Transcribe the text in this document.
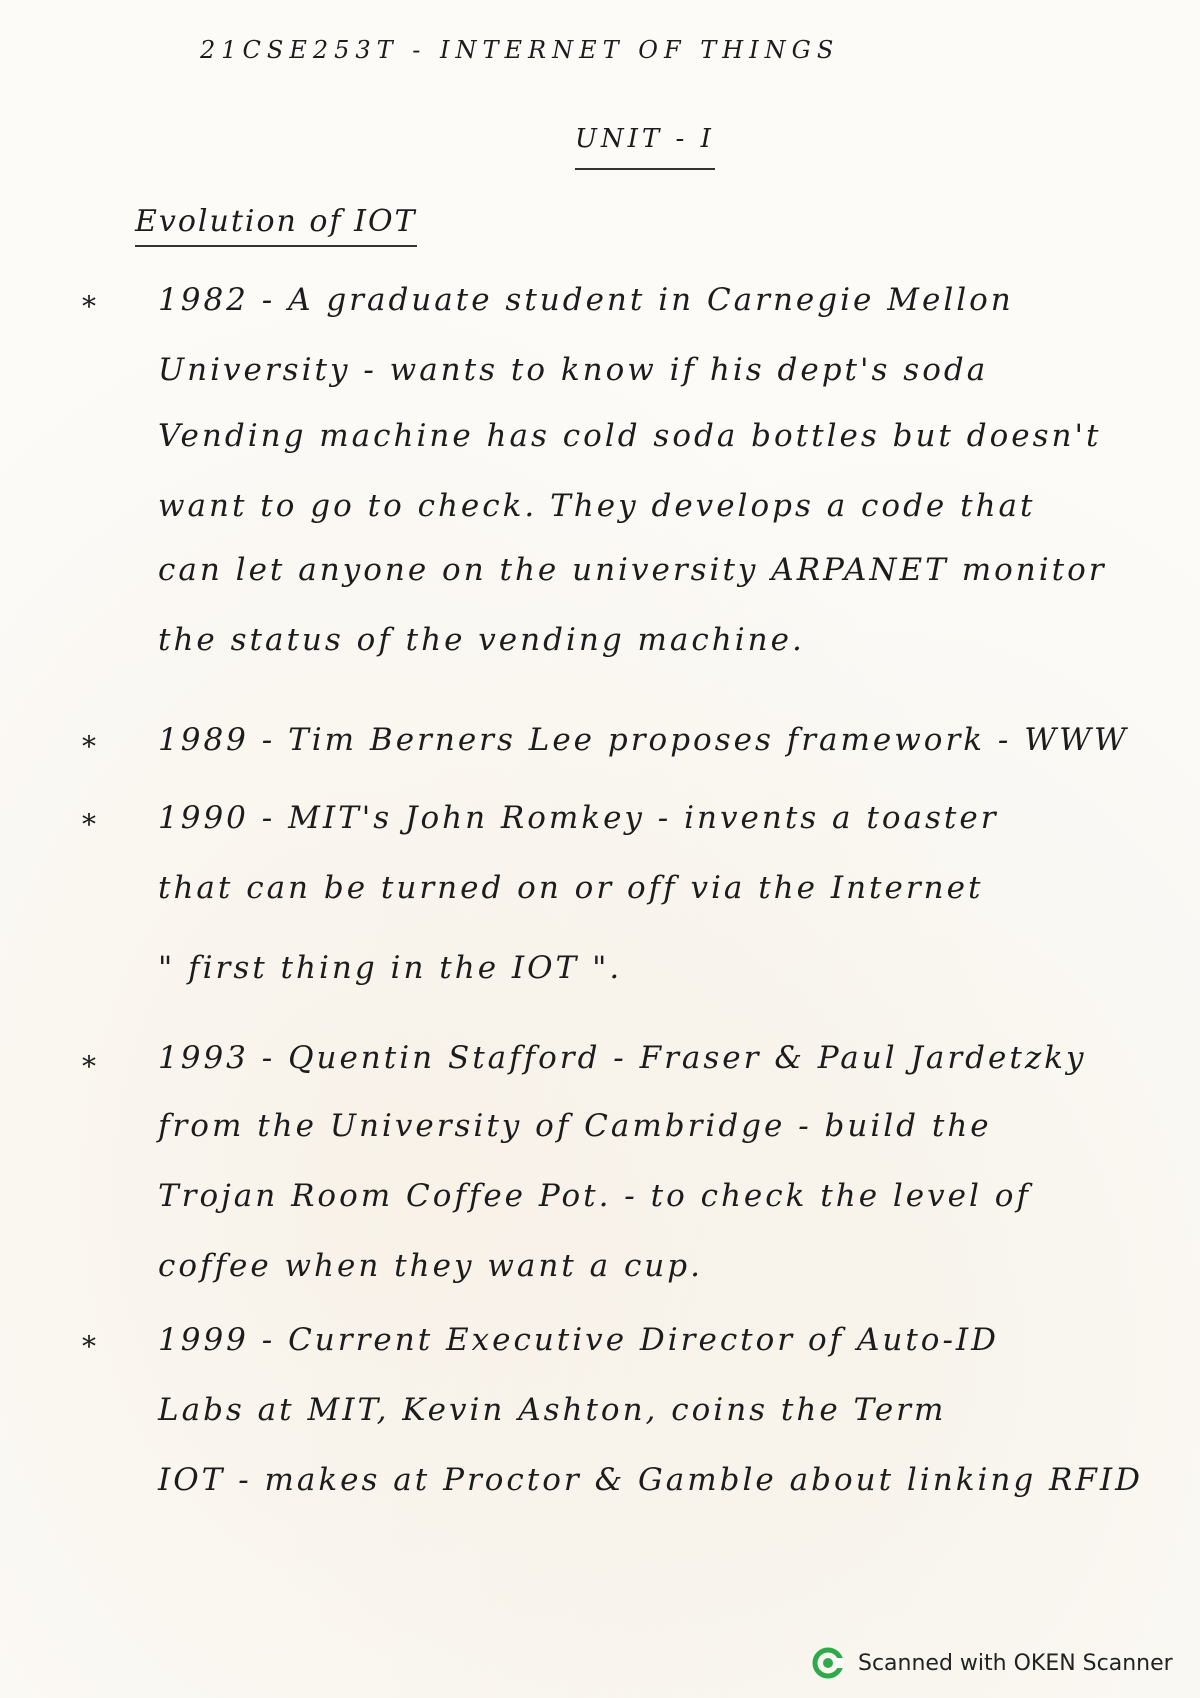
21CSE253T - INTERNET OF THINGS
UNIT - I
Evolution of IOT
*
*
*
*
*
1982 - A graduate student in Carnegie Mellon
University - wants to know if his dept's soda
Vending machine has cold soda bottles but doesn't
want to go to check. They develops a code that
can let anyone on the university ARPANET monitor
the status of the vending machine.
1989 - Tim Berners Lee proposes framework - WWW
1990 - MIT's John Romkey - invents a toaster
that can be turned on or off via the Internet
" first thing in the IOT ".
1993 - Quentin Stafford - Fraser & Paul Jardetzky
from the University of Cambridge - build the
Trojan Room Coffee Pot. - to check the level of
coffee when they want a cup.
1999 - Current Executive Director of Auto-ID
Labs at MIT, Kevin Ashton, coins the Term
IOT - makes at Proctor & Gamble about linking RFID
Scanned with OKEN Scanner
